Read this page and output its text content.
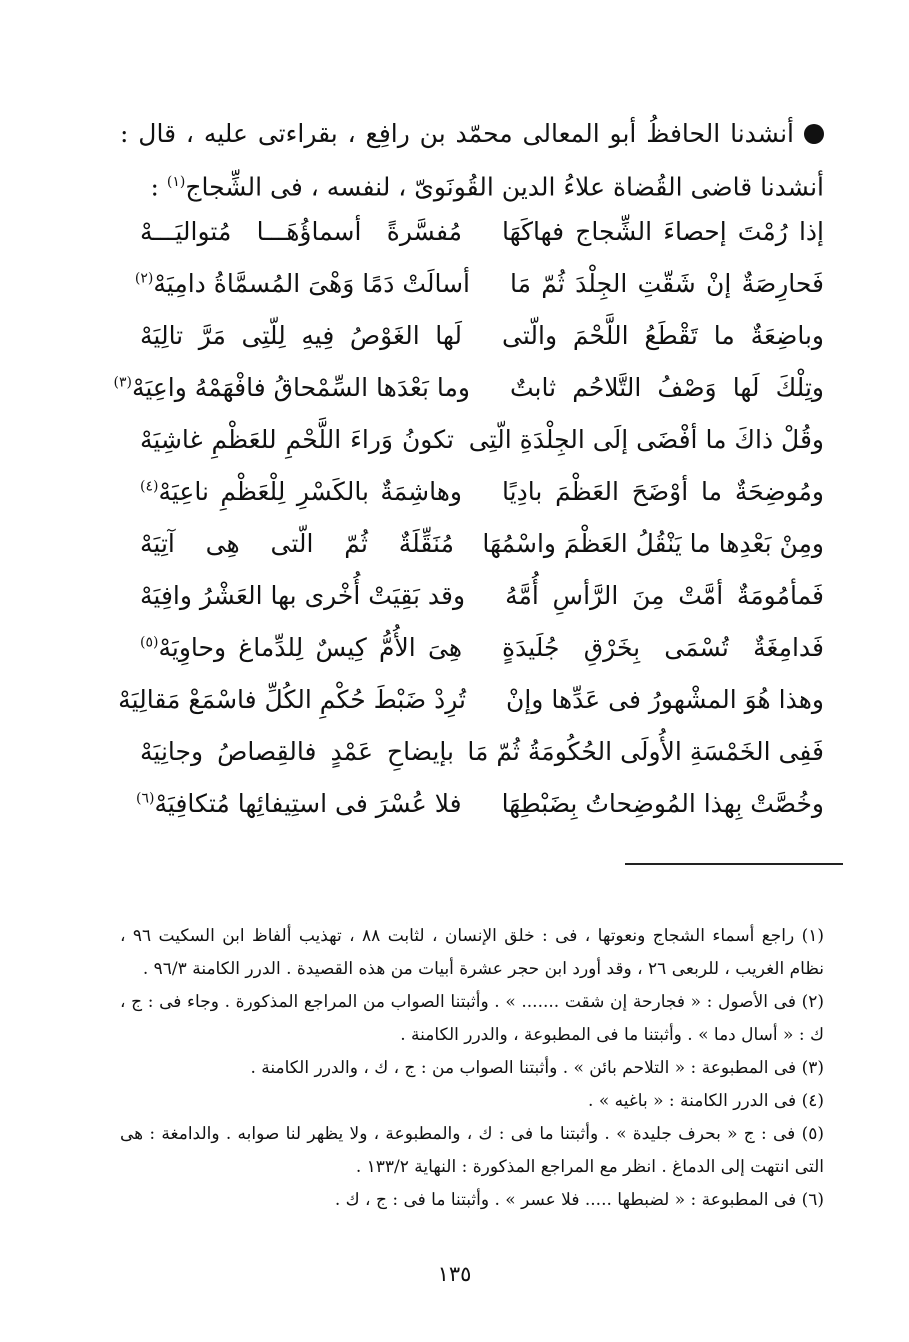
أنشدنا الحافظُ أبو المعالى محمّد بن رافِع ، بقراءتى عليه ، قال : أنشدنا قاضى القُضاة علاءُ الدين القُونَوىّ ، لنفسه ، فى الشِّجاج$^{(١)}$ :
إذا رُمْتَ إحصاءَ الشِّجاج فهاكَهَا
مُفسَّرةً أسماؤُهَـــا مُتواليَـــهْ
فَحارِصَةٌ إنْ شَقّتِ الجِلْدَ ثُمّ مَا
أسالَتْ دَمًا وَهْىَ المُسمَّاةُ دامِيَهْ$^{(٢)}$
وباضِعَةٌ ما تَقْطَعُ اللَّحْمَ والّتى
لَها الغَوْصُ فِيهِ لِلّتِى مَرَّ تالِيَهْ
وتِلْكَ لَها وَصْفُ التَّلاحُم ثابتٌ
وما بَعْدَها السِّمْحاقُ فافْهَمْهُ واعِيَهْ$^{(٣)}$
وقُلْ ذاكَ ما أفْضَى إلَى الجِلْدَةِ الّتِى
تكونُ وَراءَ اللَّحْمِ للعَظْمِ غاشِيَهْ
ومُوضِحَةٌ ما أوْضَحَ العَظْمَ بادِيًا
وهاشِمَةٌ بالكَسْرِ لِلْعَظْمِ ناعِيَهْ$^{(٤)}$
ومِنْ بَعْدِها ما يَنْقُلُ العَظْمَ واسْمُهَا
مُنَقِّلَةٌ ثُمّ الّتى هِى آتِيَهْ
فَمأمُومَةٌ أمَّتْ مِنَ الرَّأسِ أُمَّهُ
وقد بَقِيَتْ أُخْرى بها العَشْرُ وافِيَهْ
فَدامِغَةٌ تُسْمَى بِخَرْقِ جُلَيدَةٍ
هِىَ الأُمُّ كِيسٌ لِلدِّماغ وحاوِيَهْ$^{(٥)}$
وهذا هُوَ المشْهورُ فى عَدِّها وإنْ
تُرِدْ ضَبْطَ حُكْمِ الكُلِّ فاسْمَعْ مَقالِيَهْ
فَفِى الخَمْسَةِ الأُولَى الحُكُومَةُ ثُمّ مَا
بإيضاحِ عَمْدٍ فالقِصاصُ وجانِيَهْ
وخُصَّتْ بِهذا المُوضِحاتُ بِضَبْطِهَا
فلا عُسْرَ فى استِيفائِها مُتكافِيَهْ$^{(٦)}$
(١) راجع أسماء الشجاج ونعوتها ، فى : خلق الإنسان ، لثابت ٨٨ ، تهذيب ألفاظ ابن السكيت ٩٦ ، نظام الغريب ، للربعى ٢٦ ، وقد أورد ابن حجر عشرة أبيات من هذه القصيدة . الدرر الكامنة ٩٦/٣ .
(٢) فى الأصول : « فجارحة إن شقت ....... » . وأثبتنا الصواب من المراجع المذكورة . وجاء فى : ج ، ك : « أسال دما » . وأثبتنا ما فى المطبوعة ، والدرر الكامنة .
(٣) فى المطبوعة : « التلاحم بائن » . وأثبتنا الصواب من : ج ، ك ، والدرر الكامنة .
(٤) فى الدرر الكامنة : « باغيه » .
(٥) فى : ج « بحرف جليدة » . وأثبتنا ما فى : ك ، والمطبوعة ، ولا يظهر لنا صوابه . والدامغة : هى التى انتهت إلى الدماغ . انظر مع المراجع المذكورة : النهاية ١٣٣/٢ .
(٦) فى المطبوعة : « لضبطها ..... فلا عسر » . وأثبتنا ما فى : ج ، ك .
١٣٥
